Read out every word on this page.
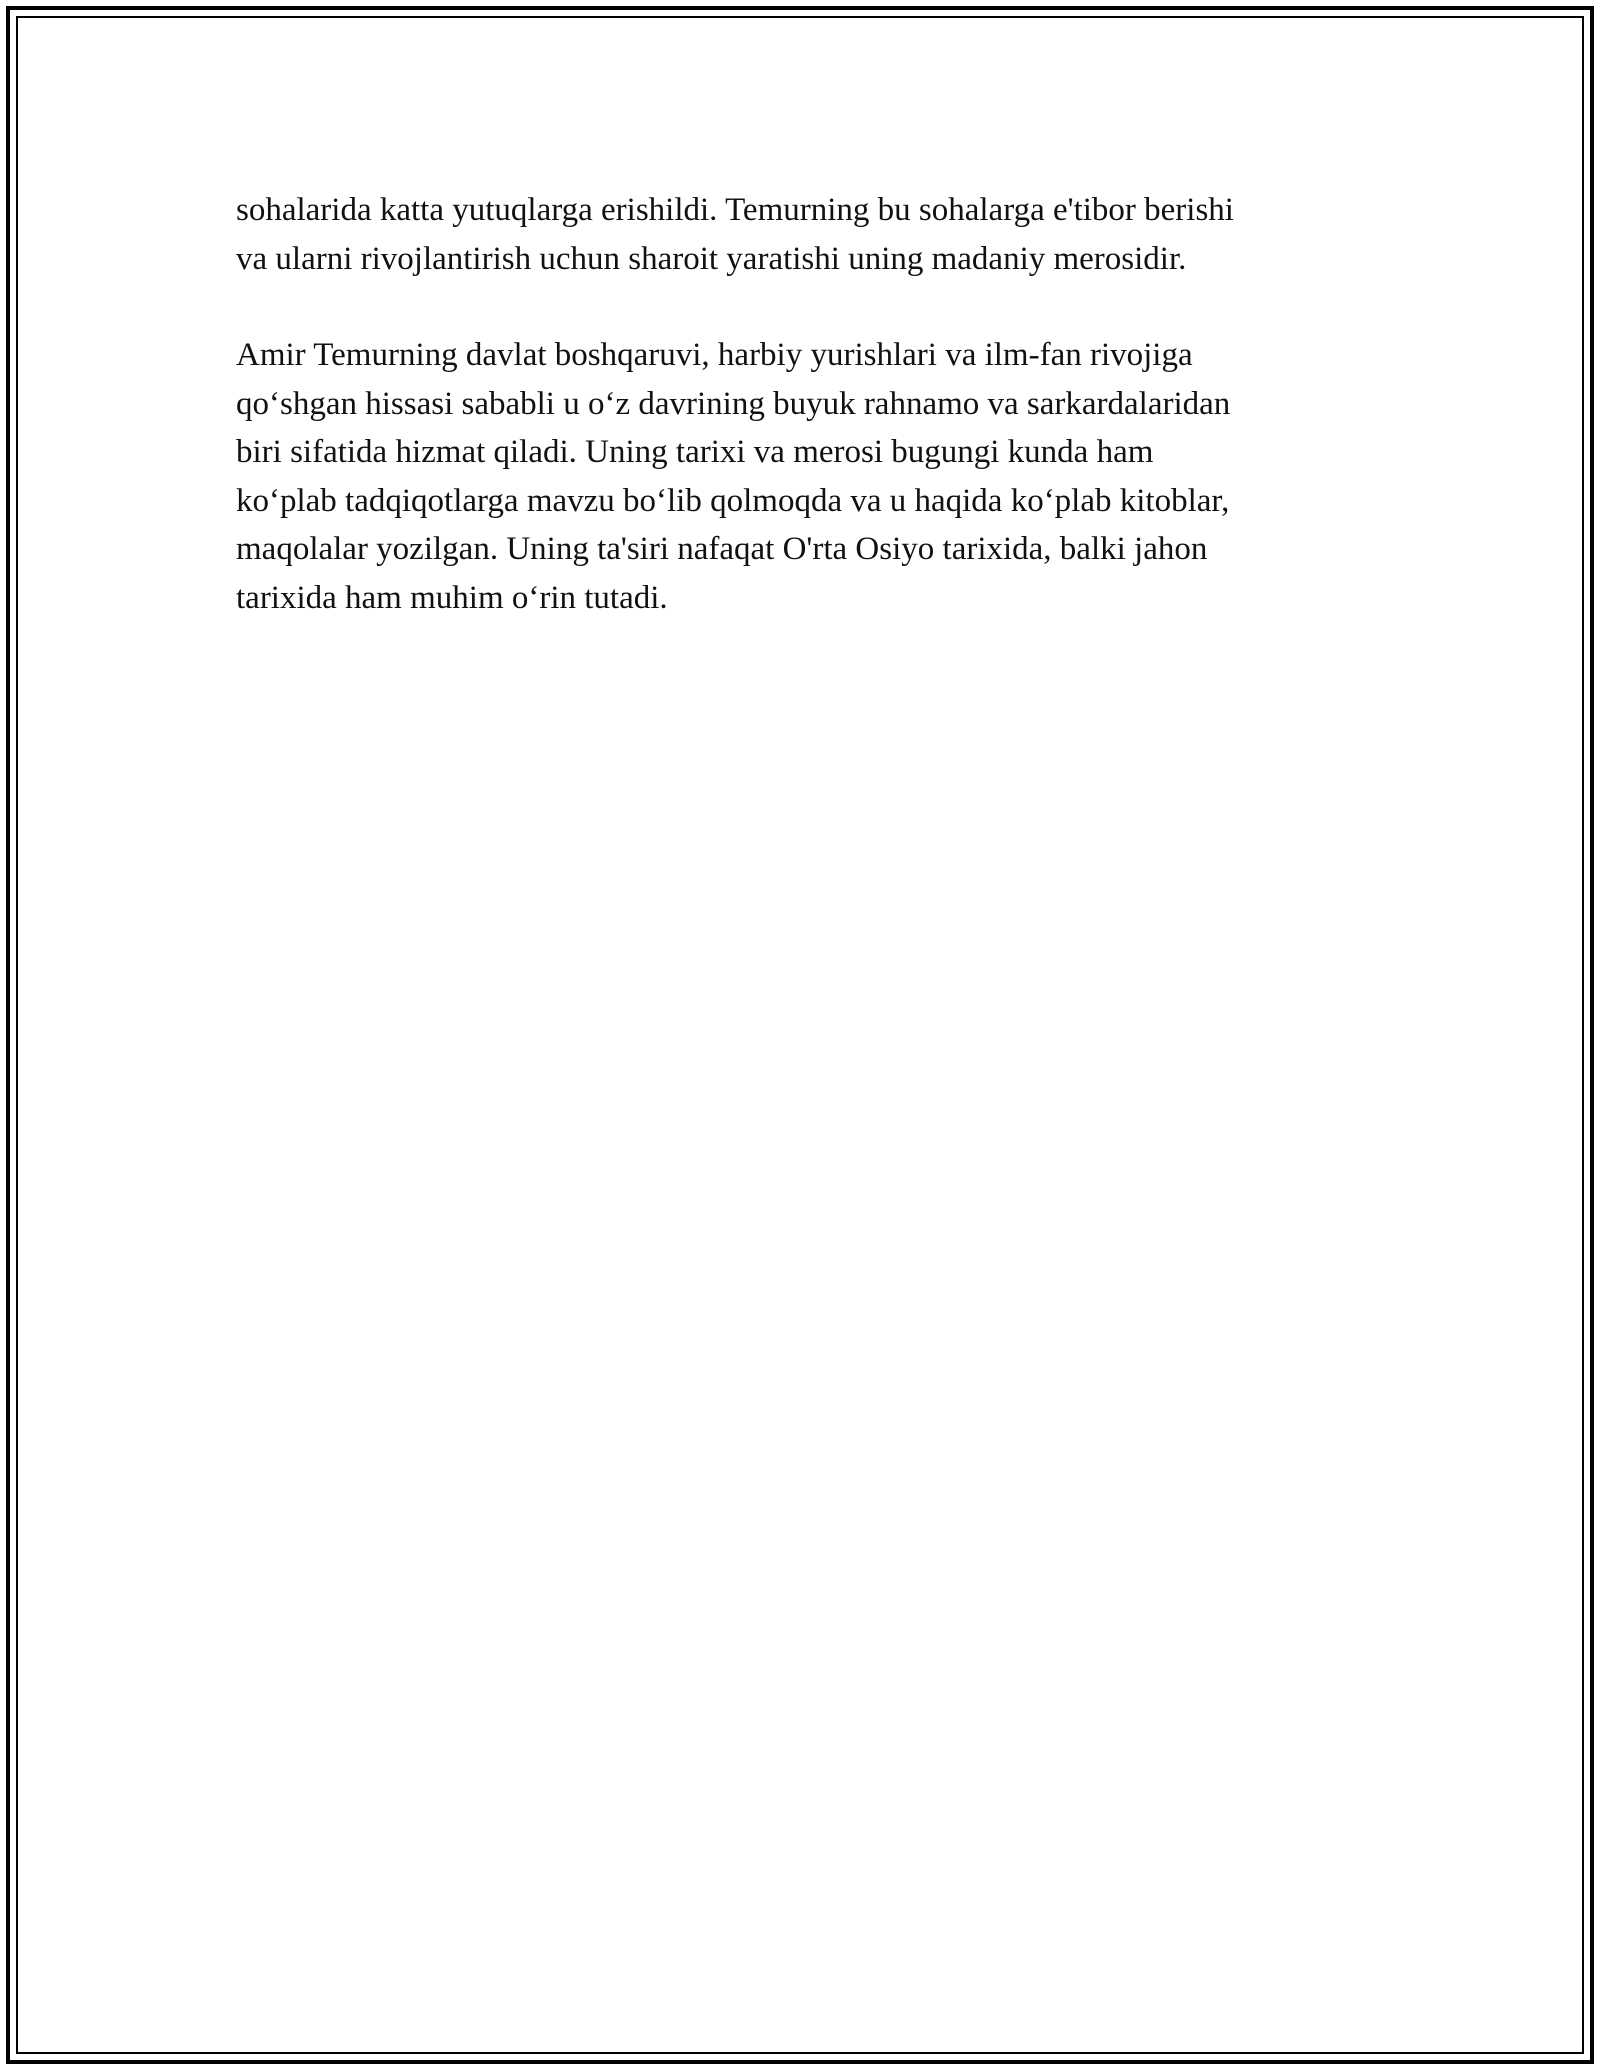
sohalarida katta yutuqlarga erishildi. Temurning bu sohalarga e'tibor berishi
va ularni rivojlantirish uchun sharoit yaratishi uning madaniy merosidir.

Amir Temurning davlat boshqaruvi, harbiy yurishlari va ilm-fan rivojiga
qo‘shgan hissasi sababli u o‘z davrining buyuk rahnamo va sarkardalaridan
biri sifatida hizmat qiladi. Uning tarixi va merosi bugungi kunda ham
ko‘plab tadqiqotlarga mavzu bo‘lib qolmoqda va u haqida ko‘plab kitoblar,
maqolalar yozilgan. Uning ta'siri nafaqat O'rta Osiyo tarixida, balki jahon
tarixida ham muhim o‘rin tutadi.
